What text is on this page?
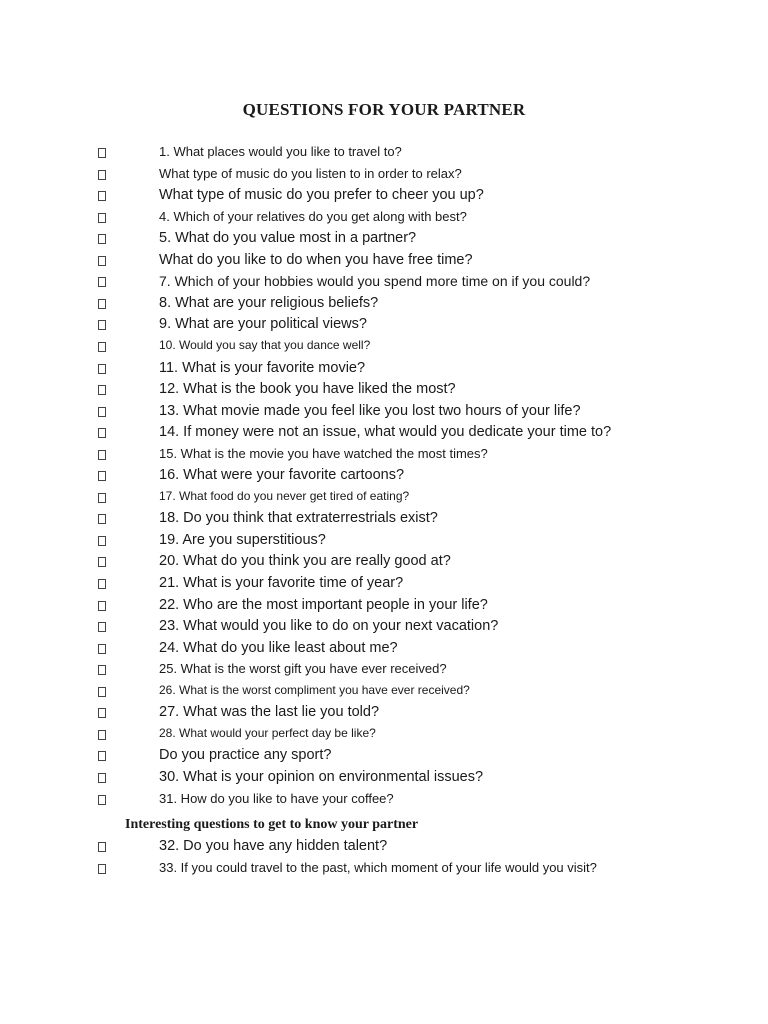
QUESTIONS FOR YOUR PARTNER
1. What places would you like to travel to?
What type of music do you listen to in order to relax?
What type of music do you prefer to cheer you up?
4. Which of your relatives do you get along with best?
5. What do you value most in a partner?
What do you like to do when you have free time?
7. Which of your hobbies would you spend more time on if you could?
8. What are your religious beliefs?
9. What are your political views?
10. Would you say that you dance well?
11. What is your favorite movie?
12. What is the book you have liked the most?
13. What movie made you feel like you lost two hours of your life?
14. If money were not an issue, what would you dedicate your time to?
15. What is the movie you have watched the most times?
16. What were your favorite cartoons?
17. What food do you never get tired of eating?
18. Do you think that extraterrestrials exist?
19. Are you superstitious?
20. What do you think you are really good at?
21. What is your favorite time of year?
22. Who are the most important people in your life?
23. What would you like to do on your next vacation?
24. What do you like least about me?
25. What is the worst gift you have ever received?
26. What is the worst compliment you have ever received?
27. What was the last lie you told?
28. What would your perfect day be like?
Do you practice any sport?
30. What is your opinion on environmental issues?
31. How do you like to have your coffee?
Interesting questions to get to know your partner
32. Do you have any hidden talent?
33. If you could travel to the past, which moment of your life would you visit?
